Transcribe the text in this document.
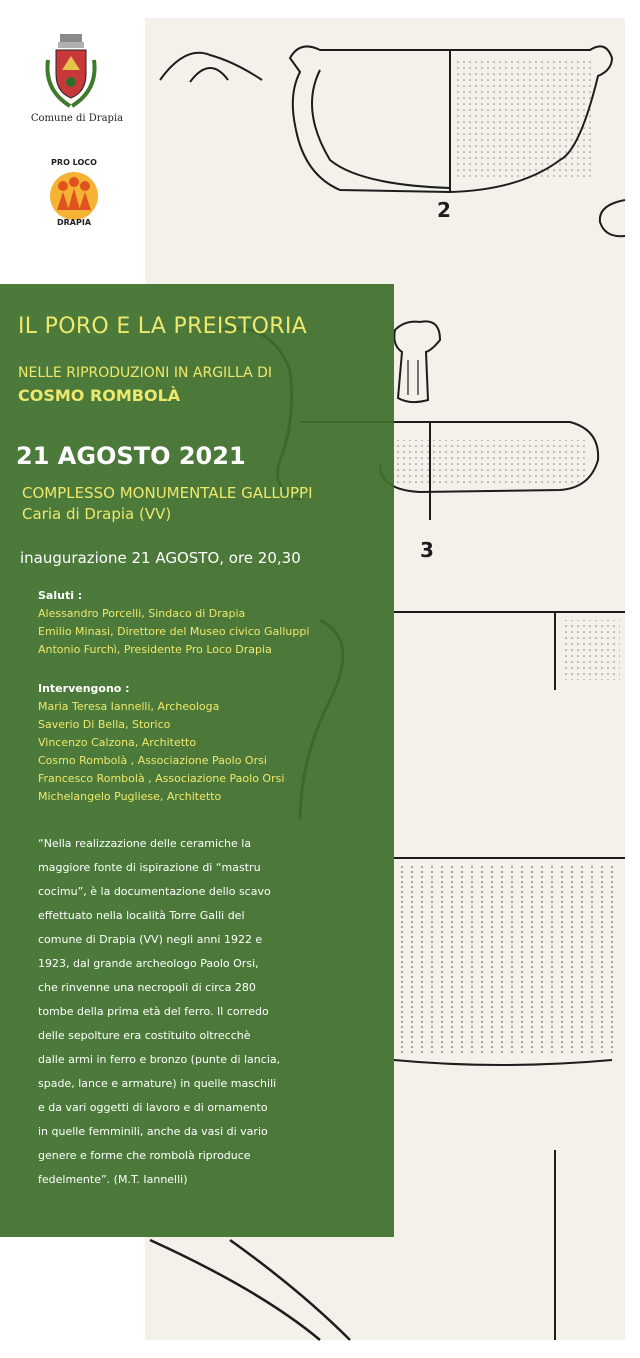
2
3
Comune di Drapia
PRO LOCO
DRAPIA
IL PORO E LA PREISTORIA
NELLE RIPRODUZIONI IN ARGILLA DI
COSMO ROMBOLÀ
21 AGOSTO 2021
COMPLESSO MONUMENTALE GALLUPPI
Caria di Drapia (VV)
inaugurazione 21 AGOSTO, ore 20,30
Saluti :
Alessandro Porcelli, Sindaco di Drapia
Emilio Minasi, Direttore del Museo civico Galluppi
Antonio Furchì, Presidente Pro Loco Drapia
Intervengono :
Maria Teresa Iannelli, Archeologa
Saverio Di Bella, Storico
Vincenzo Calzona, Architetto
Cosmo Rombolà , Associazione Paolo Orsi
Francesco Rombolà , Associazione Paolo Orsi
Michelangelo Pugliese, Architetto
“Nella realizzazione delle ceramiche la
maggiore fonte di ispirazione di “mastru
cocimu”, è la documentazione dello scavo
effettuato nella località Torre Galli del
comune di Drapia (VV) negli anni 1922 e
1923, dal grande archeologo Paolo Orsi,
che rinvenne una necropoli di circa 280
tombe della prima età del ferro. Il corredo
delle sepolture era costituito oltrecchè
dalle armi in ferro e bronzo (punte di lancia,
spade, lance e armature) in quelle maschili
e da vari oggetti di lavoro e di ornamento
in quelle femminili, anche da vasi di vario
genere e forme che rombolà riproduce
fedelmente”. (M.T. Iannelli)
